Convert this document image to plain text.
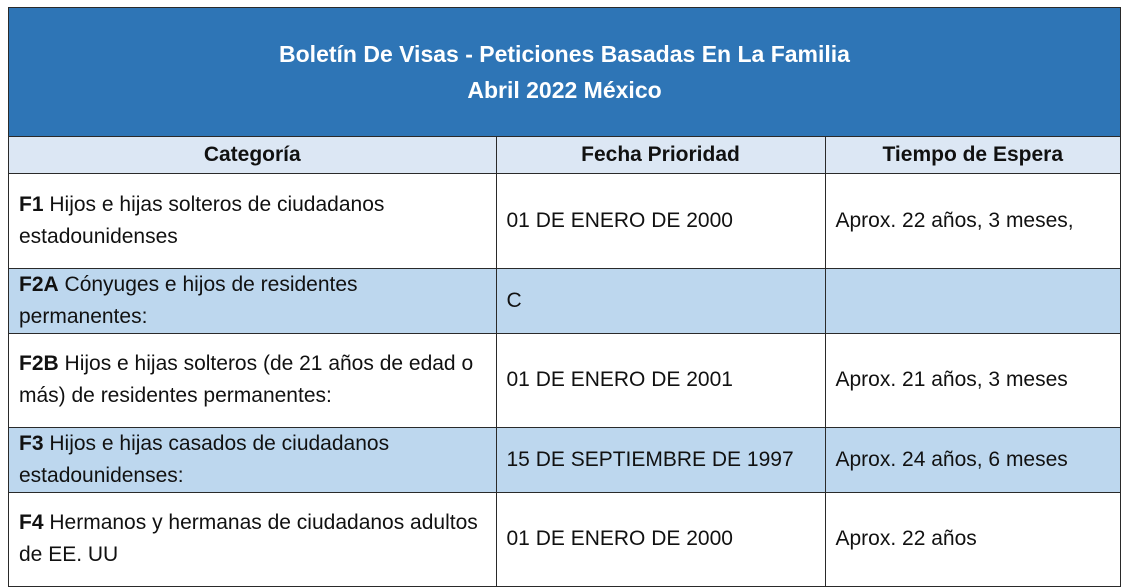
Boletín De Visas - Peticiones Basadas En La Familia
Abril 2022 México
Categoría	Fecha Prioridad	Tiempo de Espera
F1 Hijos e hijas solteros de ciudadanos estadounidenses	01 DE ENERO DE 2000	Aprox. 22 años, 3 meses,
F2A Cónyuges e hijos de residentes permanentes:	C	
F2B Hijos e hijas solteros (de 21 años de edad o más) de residentes permanentes:	01 DE ENERO DE 2001	Aprox. 21 años, 3 meses
F3 Hijos e hijas casados de ciudadanos estadounidenses:	15 DE SEPTIEMBRE DE 1997	Aprox. 24 años, 6 meses
F4 Hermanos y hermanas de ciudadanos adultos de EE. UU	01 DE ENERO DE 2000	Aprox. 22 años
